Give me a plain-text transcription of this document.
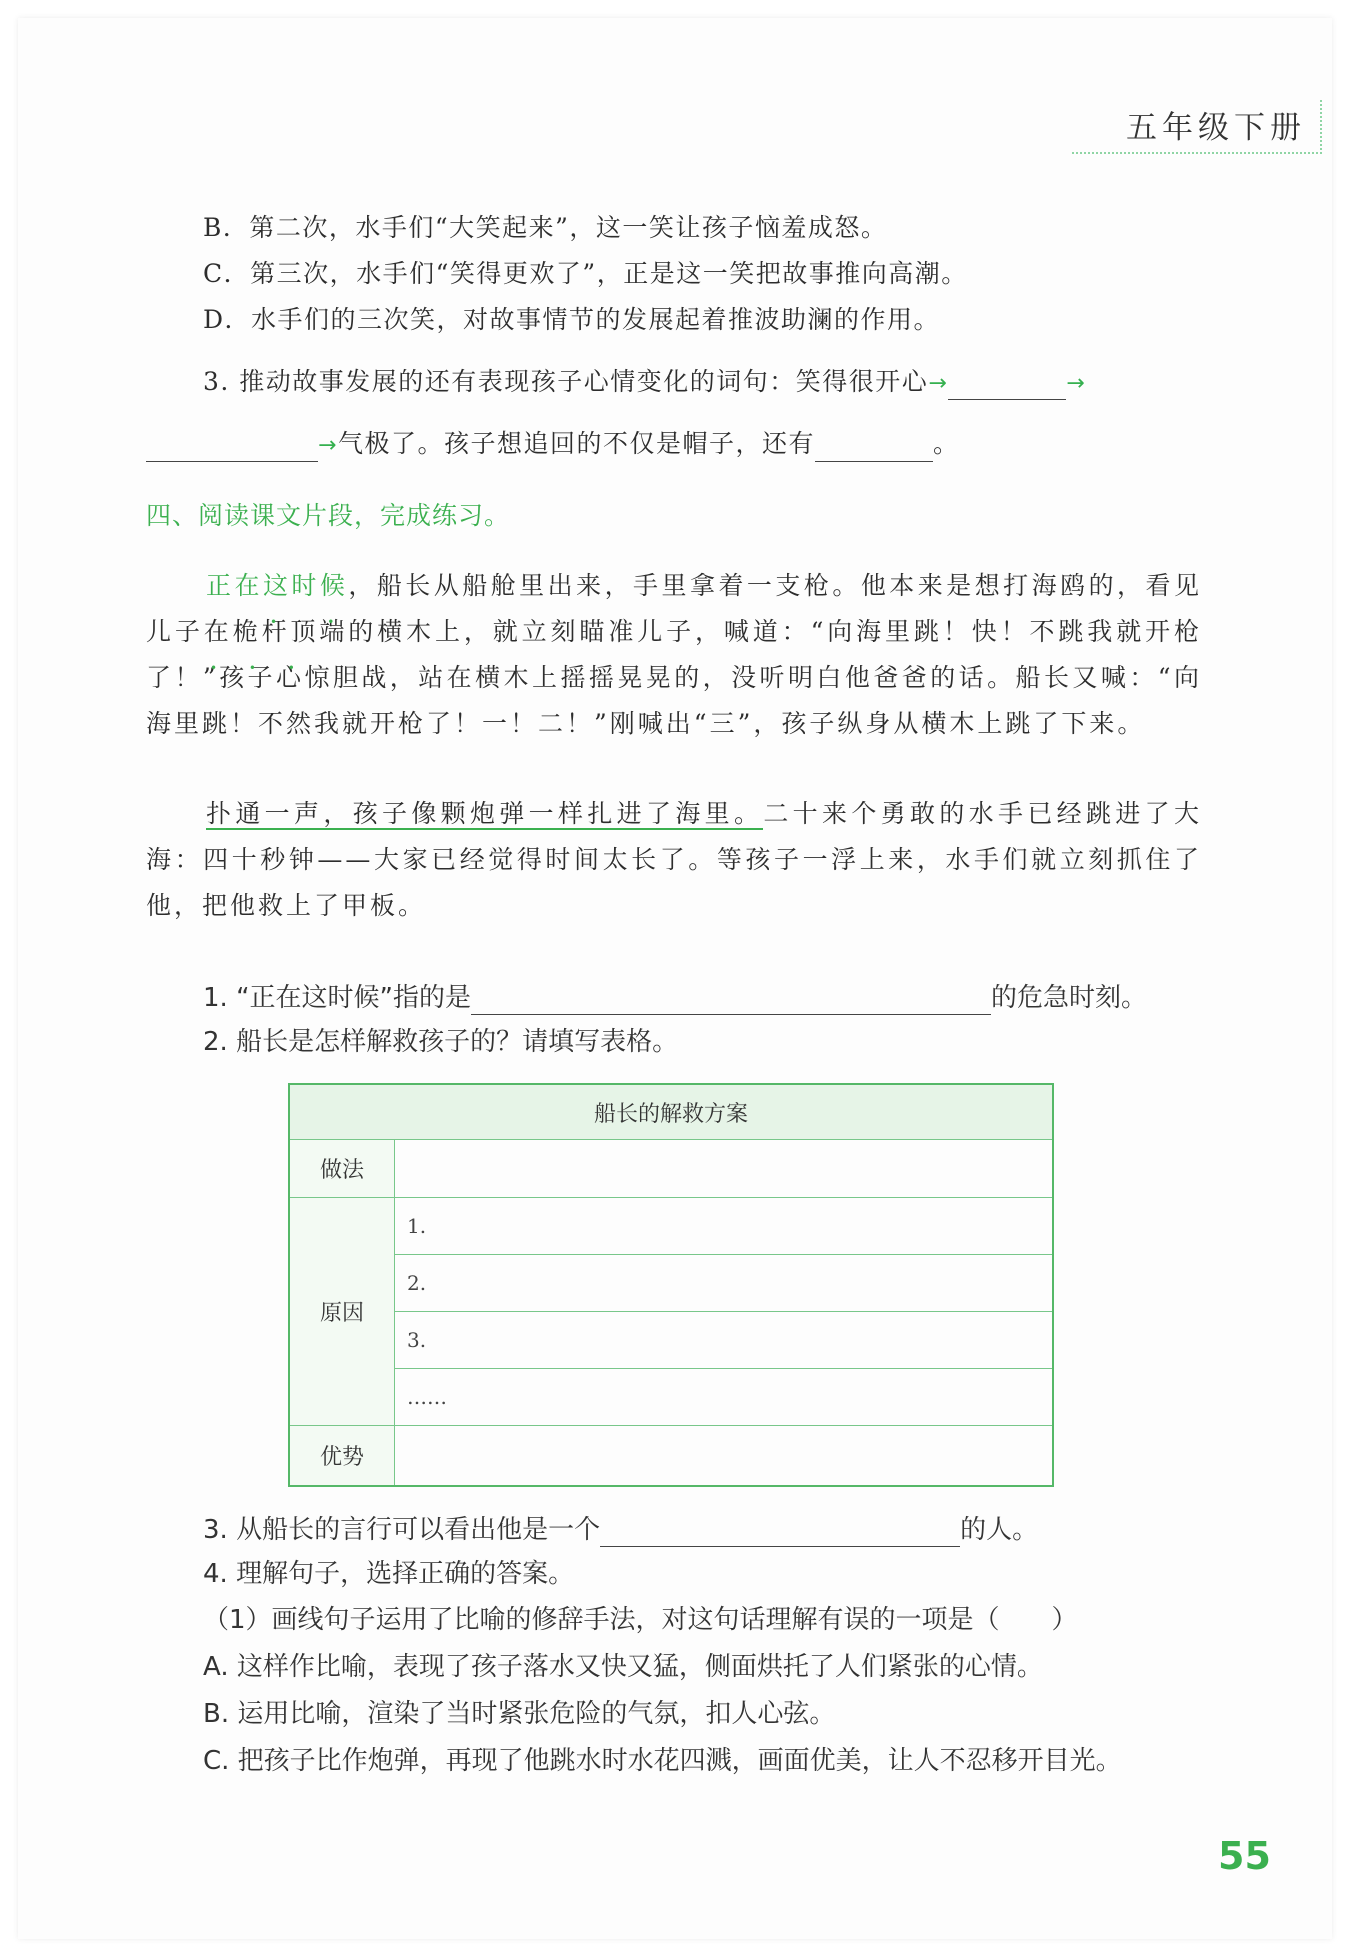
五年级下册
B．第二次，水手们“大笑起来”，这一笑让孩子恼羞成怒。
C．第三次，水手们“笑得更欢了”，正是这一笑把故事推向高潮。
D．水手们的三次笑，对故事情节的发展起着推波助澜的作用。
3. 推动故事发展的还有表现孩子心情变化的词句：笑得很开心→	→
→气极了。孩子想追回的不仅是帽子，还有	。
四、阅读课文片段，完成练习。
正在这时候 • • •，船长从船舱里出来，手里拿着一支枪。他本来是想打海鸥的，看见儿子在桅杆顶端的横木上，就立刻瞄准儿子，喊道：“向海里跳！快！不跳我就开枪了！”孩子心惊胆战，站在横木上摇摇晃晃的，没听明白他爸爸的话。船长又喊：“向海里跳！不然我就开枪了！一！二！”刚喊出“三”，孩子纵身从横木上跳了下来。
扑通一声，孩子像颗炮弹一样扎进了海里。二十来个勇敢的水手已经跳进了大海：四十秒钟——大家已经觉得时间太长了。等孩子一浮上来，水手们就立刻抓住了他，把他救上了甲板。
1. “正在这时候”指的是	的危急时刻。
2. 船长是怎样解救孩子的？请填写表格。
船长的解救方案	
做法	
原因	1.
	2.
	3.
	……
优势	
3. 从船长的言行可以看出他是一个	的人。
4. 理解句子，选择正确的答案。
（1）画线句子运用了比喻的修辞手法，对这句话理解有误的一项是（　　）
A. 这样作比喻，表现了孩子落水又快又猛，侧面烘托了人们紧张的心情。
B. 运用比喻，渲染了当时紧张危险的气氛，扣人心弦。
C. 把孩子比作炮弹，再现了他跳水时水花四溅，画面优美，让人不忍移开目光。
55
